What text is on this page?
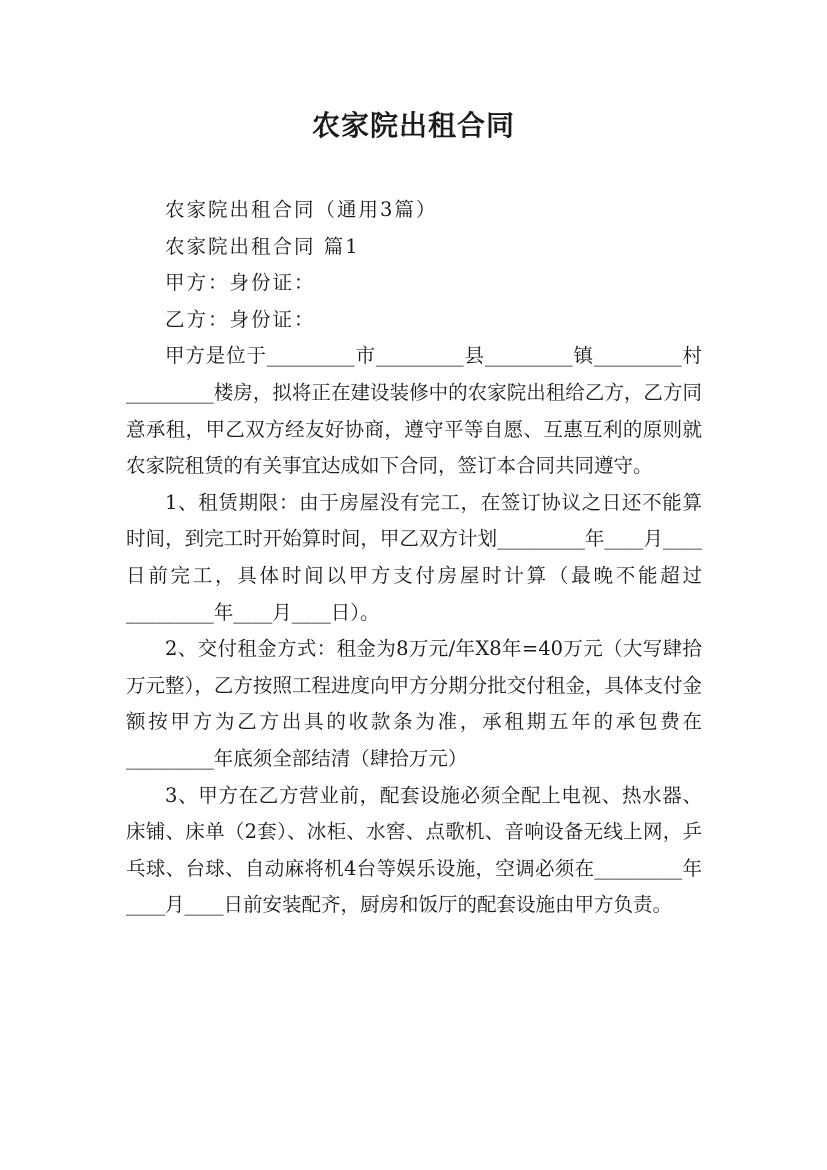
农家院出租合同

农家院出租合同（通用3篇）

农家院出租合同 篇1

甲方：身份证：

乙方：身份证：

甲方是位于_________市_________县_________镇_________村_________楼房，拟将正在建设装修中的农家院出租给乙方，乙方同意承租，甲乙双方经友好协商，遵守平等自愿、互惠互利的原则就农家院租赁的有关事宜达成如下合同，签订本合同共同遵守。

1、租赁期限：由于房屋没有完工，在签订协议之日还不能算时间，到完工时开始算时间，甲乙双方计划_________年____月____日前完工，具体时间以甲方支付房屋时计算（最晚不能超过_________年____月____日）。

2、交付租金方式：租金为8万元/年X8年=40万元（大写肆拾万元整），乙方按照工程进度向甲方分期分批交付租金，具体支付金额按甲方为乙方出具的收款条为准，承租期五年的承包费在_________年底须全部结清（肆拾万元）

3、甲方在乙方营业前，配套设施必须全配上电视、热水器、床铺、床单（2套）、冰柜、水窖、点歌机、音响设备无线上网，乒乓球、台球、自动麻将机4台等娱乐设施，空调必须在_________年____月____日前安装配齐，厨房和饭厅的配套设施由甲方负责。
